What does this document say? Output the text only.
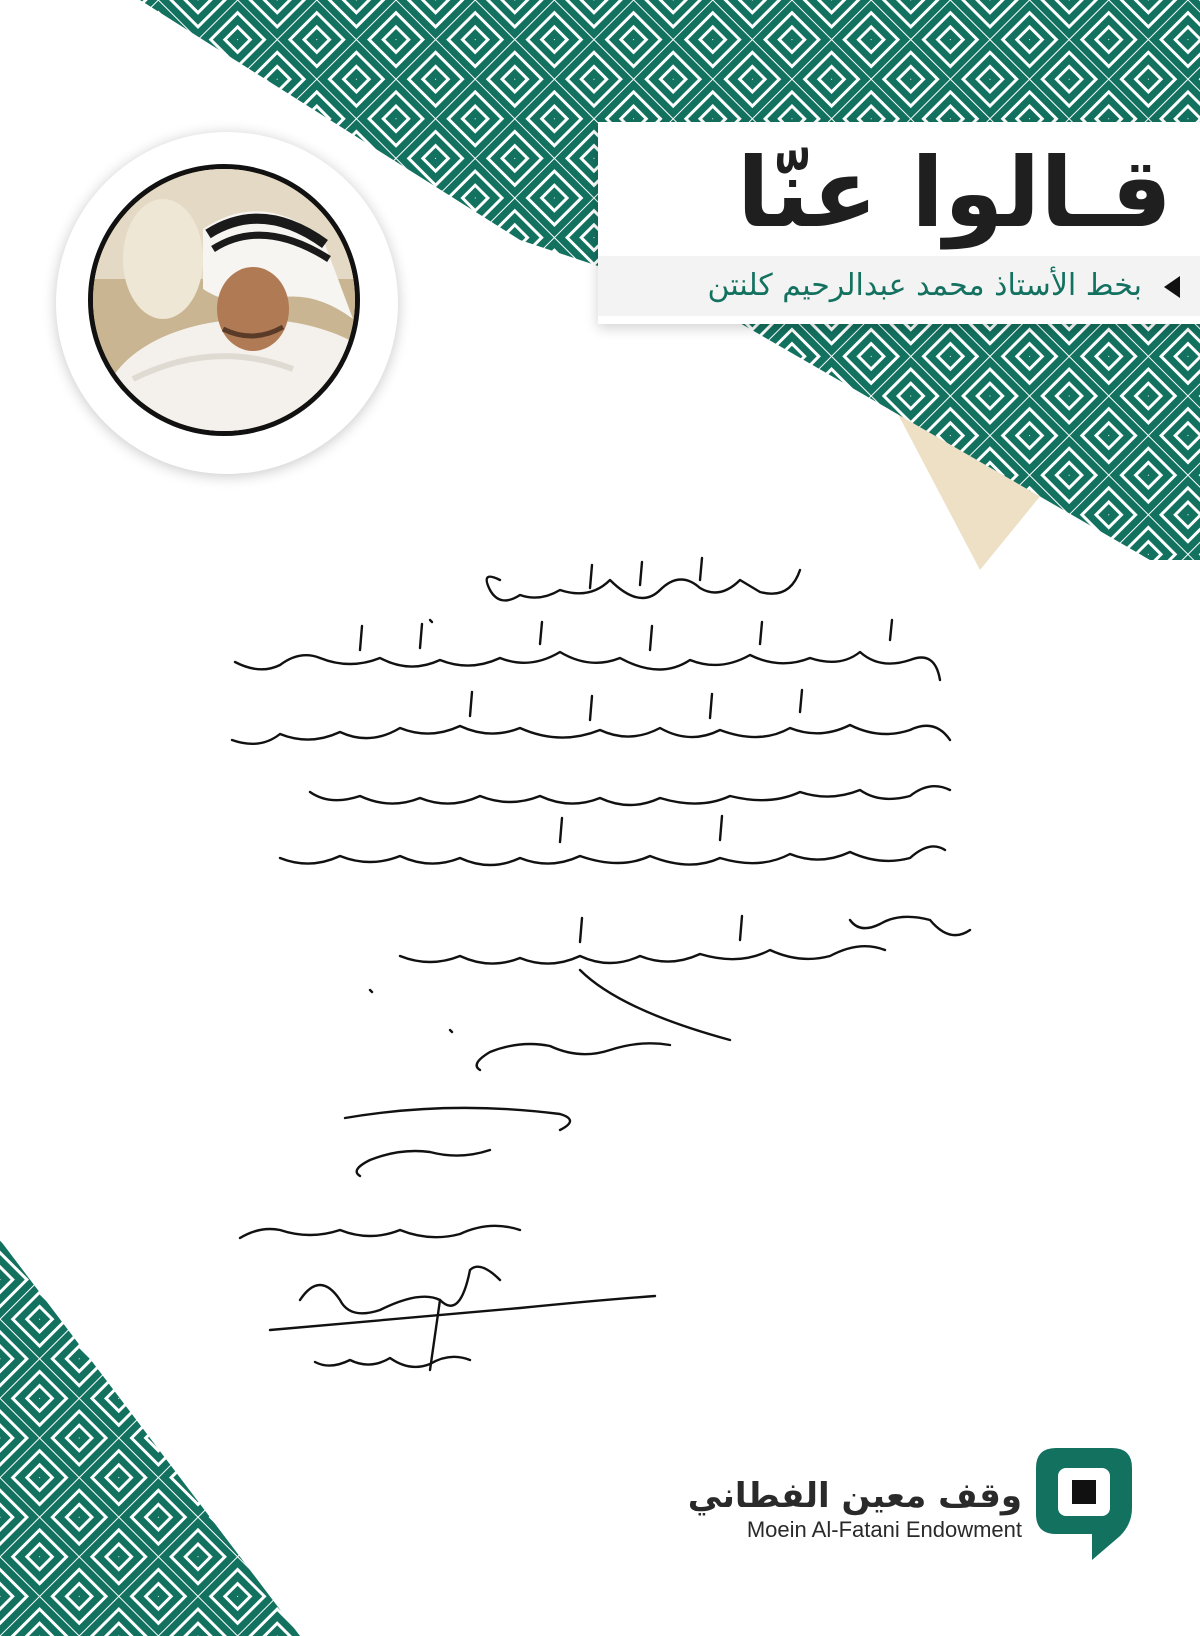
قـالوا عنّا
بخط الأستاذ محمد عبدالرحيم كلنتن
وقف معين الفطاني
Moein Al-Fatani Endowment
